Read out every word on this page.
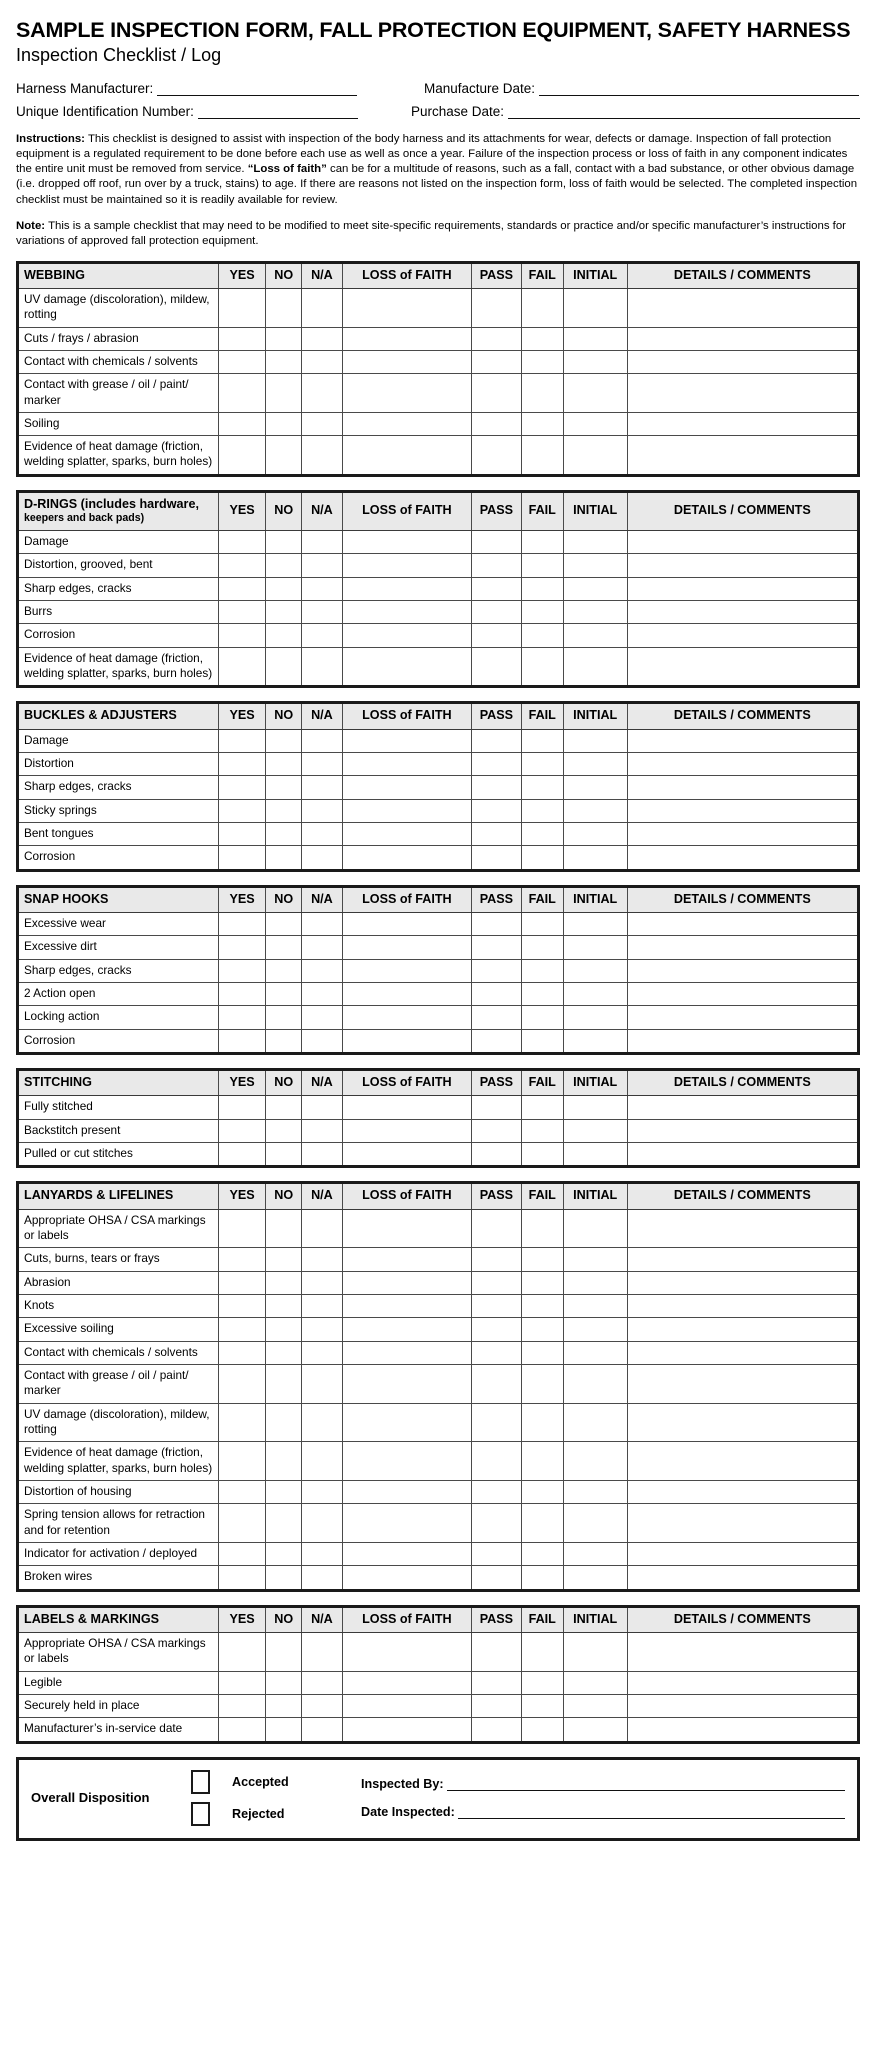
SAMPLE INSPECTION FORM, FALL PROTECTION EQUIPMENT, SAFETY HARNESS
Inspection Checklist / Log
Harness Manufacturer:	Manufacture Date:
Unique Identification Number:	Purchase Date:

Instructions: This checklist is designed to assist with inspection of the body harness and its attachments for wear, defects or damage. Inspection of fall protection equipment is a regulated requirement to be done before each use as well as once a year. Failure of the inspection process or loss of faith in any component indicates the entire unit must be removed from service. “Loss of faith” can be for a multitude of reasons, such as a fall, contact with a bad substance, or other obvious damage (i.e. dropped off roof, run over by a truck, stains) to age. If there are reasons not listed on the inspection form, loss of faith would be selected. The completed inspection checklist must be maintained so it is readily available for review.

Note: This is a sample checklist that may need to be modified to meet site-specific requirements, standards or practice and/or specific manufacturer’s instructions for variations of approved fall protection equipment.

WEBBING	YES	NO	N/A	LOSS of FAITH	PASS	FAIL	INITIAL	DETAILS / COMMENTS
UV damage (discoloration), mildew, rotting								
Cuts / frays / abrasion								
Contact with chemicals / solvents								
Contact with grease / oil / paint/ marker								
Soiling								
Evidence of heat damage (friction, welding splatter, sparks, burn holes)								
D-RINGS (includes hardware,
keepers and back pads)	YES	NO	N/A	LOSS of FAITH	PASS	FAIL	INITIAL	DETAILS / COMMENTS
Damage								
Distortion, grooved, bent								
Sharp edges, cracks								
Burrs								
Corrosion								
Evidence of heat damage (friction, welding splatter, sparks, burn holes)								
BUCKLES & ADJUSTERS	YES	NO	N/A	LOSS of FAITH	PASS	FAIL	INITIAL	DETAILS / COMMENTS
Damage								
Distortion								
Sharp edges, cracks								
Sticky springs								
Bent tongues								
Corrosion								
SNAP HOOKS	YES	NO	N/A	LOSS of FAITH	PASS	FAIL	INITIAL	DETAILS / COMMENTS
Excessive wear								
Excessive dirt								
Sharp edges, cracks								
2 Action open								
Locking action								
Corrosion								
STITCHING	YES	NO	N/A	LOSS of FAITH	PASS	FAIL	INITIAL	DETAILS / COMMENTS
Fully stitched								
Backstitch present								
Pulled or cut stitches								
LANYARDS & LIFELINES	YES	NO	N/A	LOSS of FAITH	PASS	FAIL	INITIAL	DETAILS / COMMENTS
Appropriate OHSA / CSA markings or labels								
Cuts, burns, tears or frays								
Abrasion								
Knots								
Excessive soiling								
Contact with chemicals / solvents								
Contact with grease / oil / paint/ marker								
UV damage (discoloration), mildew, rotting								
Evidence of heat damage (friction, welding splatter, sparks, burn holes)								
Distortion of housing								
Spring tension allows for retraction and for retention								
Indicator for activation / deployed								
Broken wires								
LABELS & MARKINGS	YES	NO	N/A	LOSS of FAITH	PASS	FAIL	INITIAL	DETAILS / COMMENTS
Appropriate OHSA / CSA markings or labels								
Legible								
Securely held in place								
Manufacturer’s in-service date								
Overall Disposition
Accepted
Rejected
Inspected By:
Date Inspected:
